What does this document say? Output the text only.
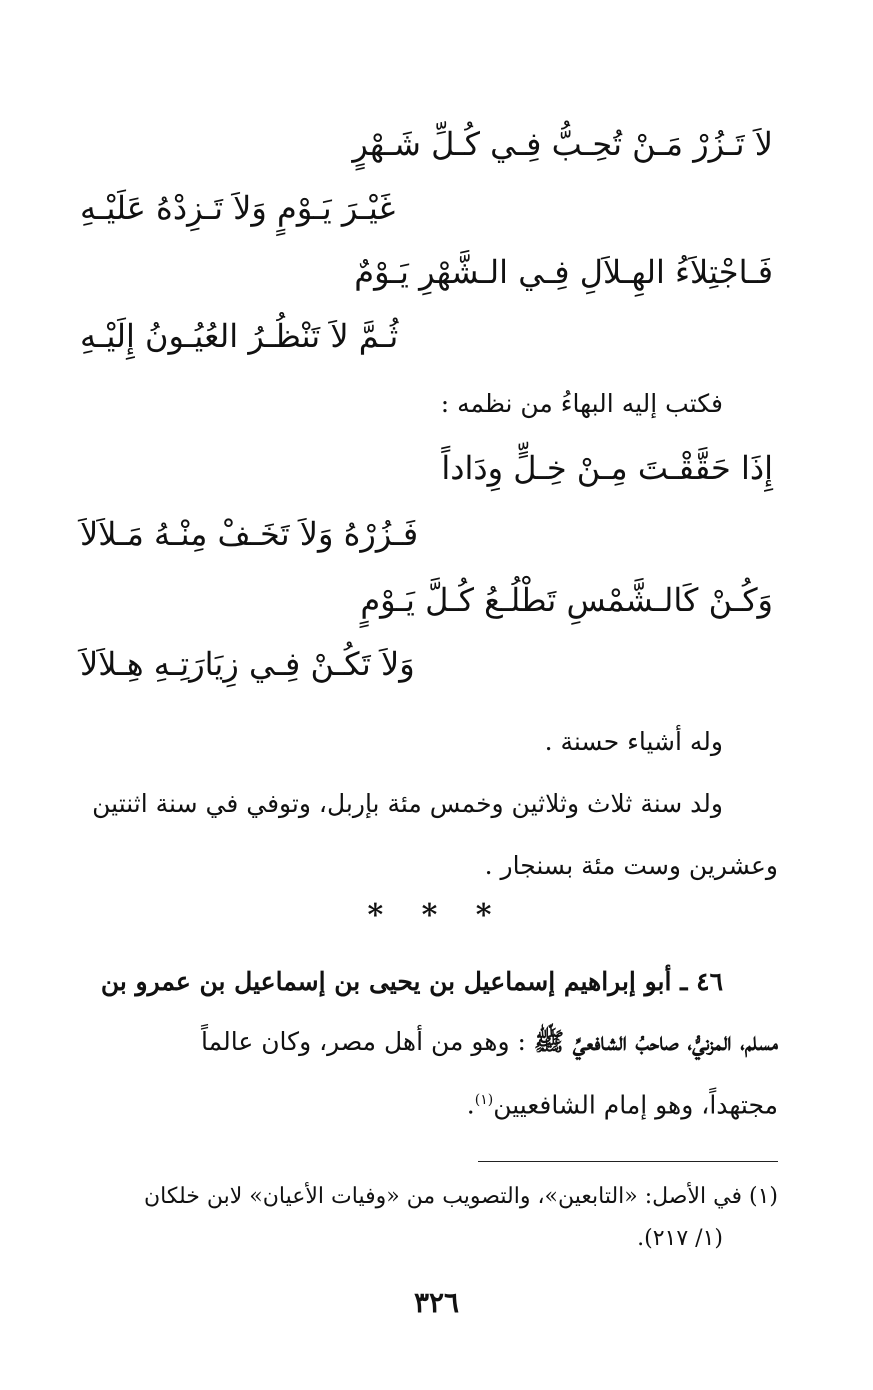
لاَ تَـزُرْ مَـنْ تُحِـبُّ فِـي كُـلِّ شَـهْرٍ
غَيْـرَ يَـوْمٍ وَلاَ تَـزِدْهُ عَلَيْـهِ
فَـاجْتِلاَءُ الهِـلاَلِ فِـي الـشَّهْرِ يَـوْمٌ
ثُـمَّ لاَ تَنْظُـرُ العُيُـونُ إِلَيْـهِ
فكتب إليه البهاءُ من نظمه :
إِذَا حَقَّقْـتَ مِـنْ خِـلٍّ وِدَاداً
فَـزُرْهُ وَلاَ تَخَـفْ مِنْـهُ مَـلاَلاَ
وَكُـنْ كَالـشَّمْسِ تَطْلُـعُ كُـلَّ يَـوْمٍ
وَلاَ تَكُـنْ فِـي زِيَارَتِـهِ هِـلاَلاَ
وله أشياء حسنة .
ولد سنة ثلاث وثلاثين وخمس مئة بإربل، وتوفي في سنة اثنتين
وعشرين وست مئة بسنجار .
* * *
٤٦ ـ أبو إبراهيم إسماعيل بن يحيى بن إسماعيل بن عمرو بن
مسلم، المزنيُّ، صاحبُ الشافعيِّ ﷺ : وهو من أهل مصر، وكان عالماً
مجتهداً، وهو إمام الشافعيين$^{(١)}$.
(١) في الأصل: «التابعين»، والتصويب من «وفيات الأعيان» لابن خلكان
(١/ ٢١٧).
٣٢٦
